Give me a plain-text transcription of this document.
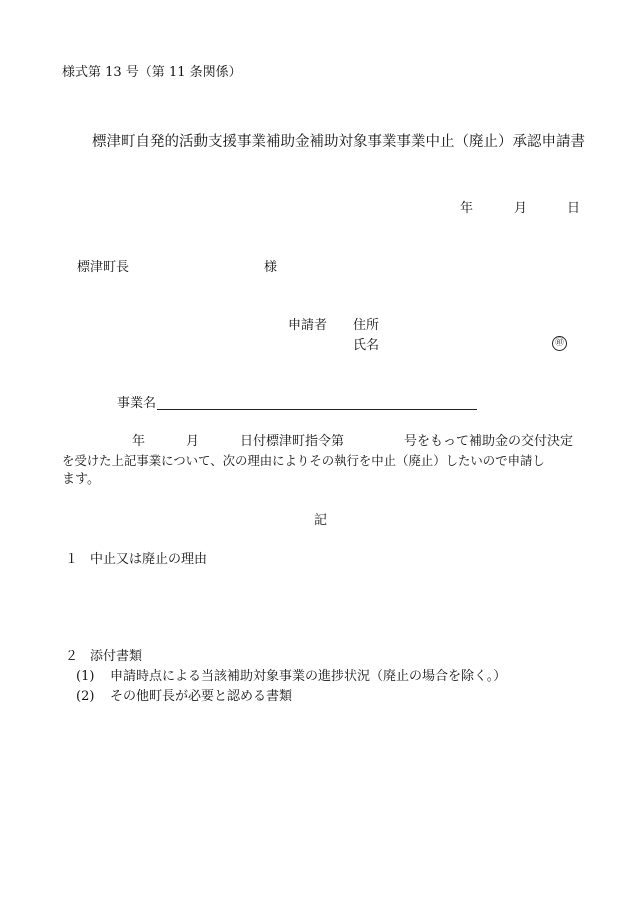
様式第 13 号（第 11 条関係）
標津町自発的活動支援事業補助金補助対象事業事業中止（廃止）承認申請書
年	月	日
標津町長	様
申請者 住所
氏名	㊞
事業名
年	月	日付標津町指令第	号をもって補助金の交付決定
を受けた上記事業について、次の理由によりその執行を中止（廃止）したいので申請し
ます。
記
１ 中止又は廃止の理由
２ 添付書類
(1) 申請時点による当該補助対象事業の進捗状況（廃止の場合を除く。）
(2) その他町長が必要と認める書類
